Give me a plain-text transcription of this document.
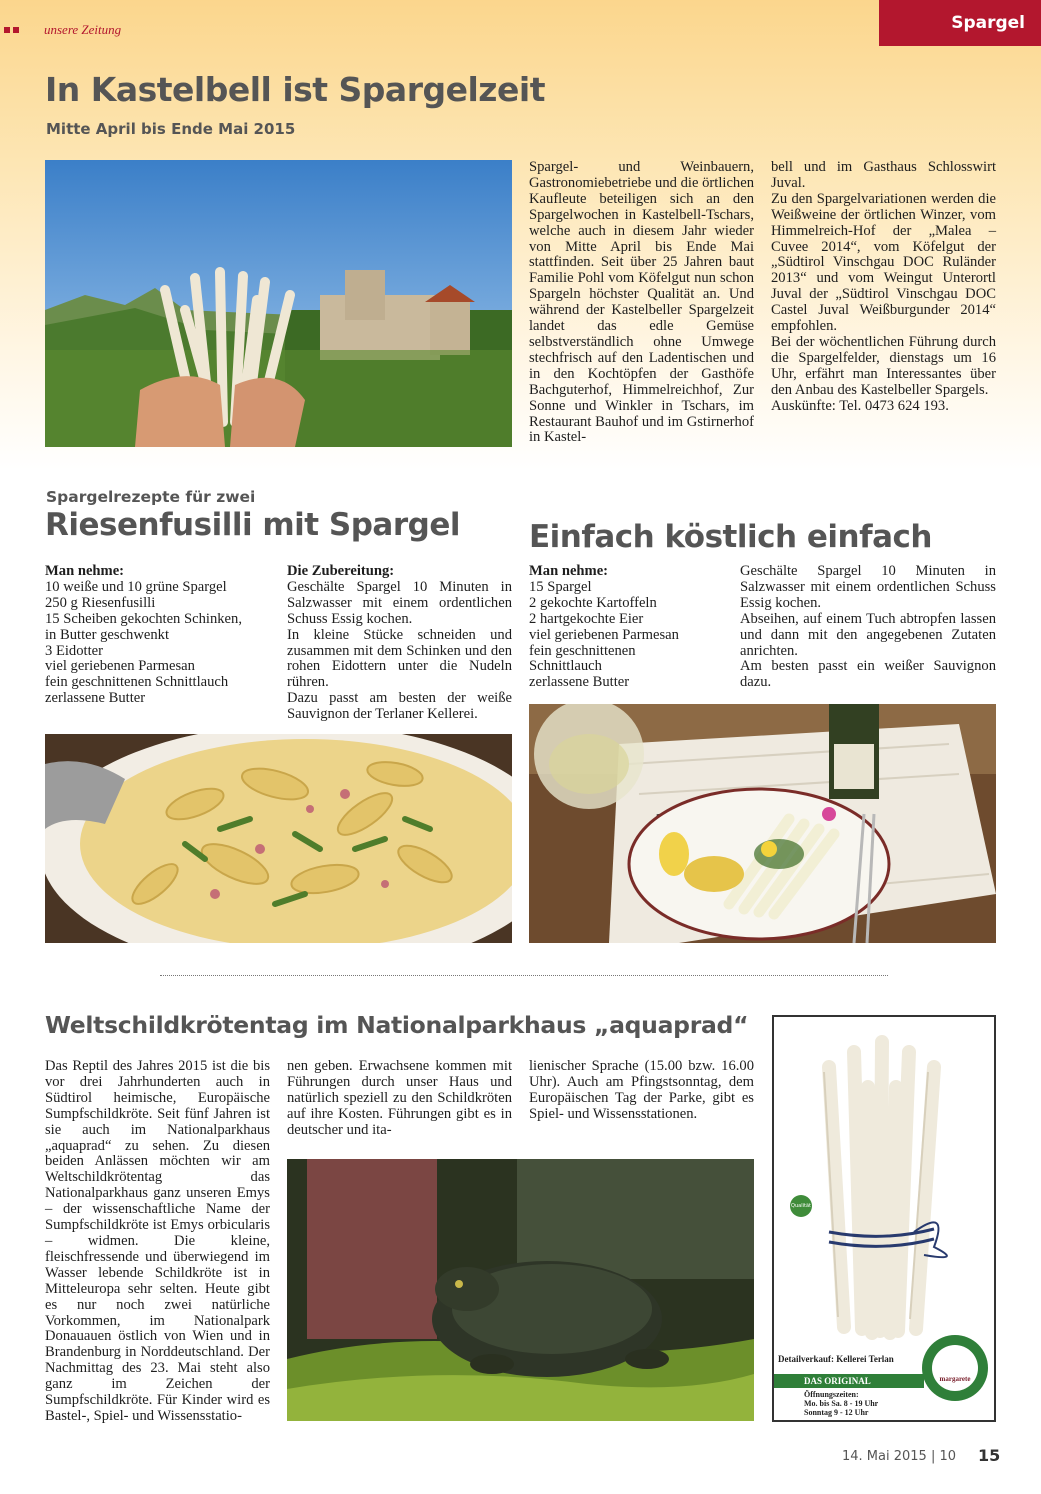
unsere Zeitung	Spargel
In Kastelbell ist Spargelzeit
Mitte April bis Ende Mai 2015
Spargel- und Weinbauern, Gastronomiebetriebe und die örtlichen Kaufleute beteiligen sich an den Spargelwochen in Kastelbell-Tschars, welche auch in diesem Jahr wieder von Mitte April bis Ende Mai stattfinden. Seit über 25 Jahren baut Familie Pohl vom Köfelgut nun schon Spargeln höchster Qualität an. Und während der Kastelbeller Spargelzeit landet das edle Gemüse selbstverständlich ohne Umwege stechfrisch auf den Ladentischen und in den Kochtöpfen der Gasthöfe Bachguterhof, Himmelreichhof, Zur Sonne und Winkler in Tschars, im Restaurant Bauhof und im Gstirnerhof in Kastel-
bell und im Gasthaus Schlosswirt Juval.
Zu den Spargelvariationen werden die Weißweine der örtlichen Winzer, vom Himmelreich-Hof der „Malea – Cuvee 2014“, vom Köfelgut der „Südtirol Vinschgau DOC Ruländer 2013“ und vom Weingut Unterortl Juval der „Südtirol Vinschgau DOC Castel Juval Weißburgunder 2014“ empfohlen.
Bei der wöchentlichen Führung durch die Spargelfelder, dienstags um 16 Uhr, erfährt man Interessantes über den Anbau des Kastelbeller Spargels.
Auskünfte: Tel. 0473 624 193.
Spargelrezepte für zwei
Riesenfusilli mit Spargel
Man nehme:
10 weiße und 10 grüne Spargel
250 g Riesenfusilli
15 Scheiben gekochten Schinken,
in Butter geschwenkt
3 Eidotter
viel geriebenen Parmesan
fein geschnittenen Schnittlauch
zerlassene Butter
Die Zubereitung:
Geschälte Spargel 10 Minuten in Salzwasser mit einem ordentlichen Schuss Essig kochen.
In kleine Stücke schneiden und zusammen mit dem Schinken und den rohen Eidottern unter die Nudeln rühren.
Dazu passt am besten der weiße Sauvignon der Terlaner Kellerei.
Einfach köstlich einfach
Man nehme:
15 Spargel
2 gekochte Kartoffeln
2 hartgekochte Eier
viel geriebenen Parmesan
fein geschnittenen
Schnittlauch
zerlassene Butter
Geschälte Spargel 10 Minuten in Salzwasser mit einem ordentlichen Schuss Essig kochen.
Abseihen, auf einem Tuch abtropfen lassen und dann mit den angegebenen Zutaten anrichten.
Am besten passt ein weißer Sauvignon dazu.
Weltschildkrötentag im Nationalparkhaus „aquaprad“
Das Reptil des Jahres 2015 ist die bis vor drei Jahrhunderten auch in Südtirol heimische, Europäische Sumpfschildkröte. Seit fünf Jahren ist sie auch im Nationalparkhaus „aquaprad“ zu sehen. Zu diesen beiden Anlässen möchten wir am Weltschildkrötentag das Nationalparkhaus ganz unseren Emys – der wissenschaftliche Name der Sumpfschildkröte ist Emys orbicularis – widmen. Die kleine, fleischfressende und überwiegend im Wasser lebende Schildkröte ist in Mitteleuropa sehr selten. Heute gibt es nur noch zwei natürliche Vorkommen, im Nationalpark Donauauen östlich von Wien und in Brandenburg in Norddeutschland. Der Nachmittag des 23. Mai steht also ganz im Zeichen der Sumpfschildkröte. Für Kinder wird es Bastel-, Spiel- und Wissensstatio-
nen geben. Erwachsene kommen mit Führungen durch unser Haus und natürlich speziell zu den Schildkröten auf ihre Kosten. Führungen gibt es in deutscher und ita-
lienischer Sprache (15.00 bzw. 16.00 Uhr). Auch am Pfingstsonntag, dem Europäischen Tag der Parke, gibt es Spiel- und Wissensstationen.
Qualität
Detailverkauf: Kellerei Terlan
DAS ORIGINAL
Öffnungszeiten:
Mo. bis Sa. 8 - 19 Uhr
Sonntag 9 - 12 Uhr
margarete
14. Mai 2015 | 10 15
